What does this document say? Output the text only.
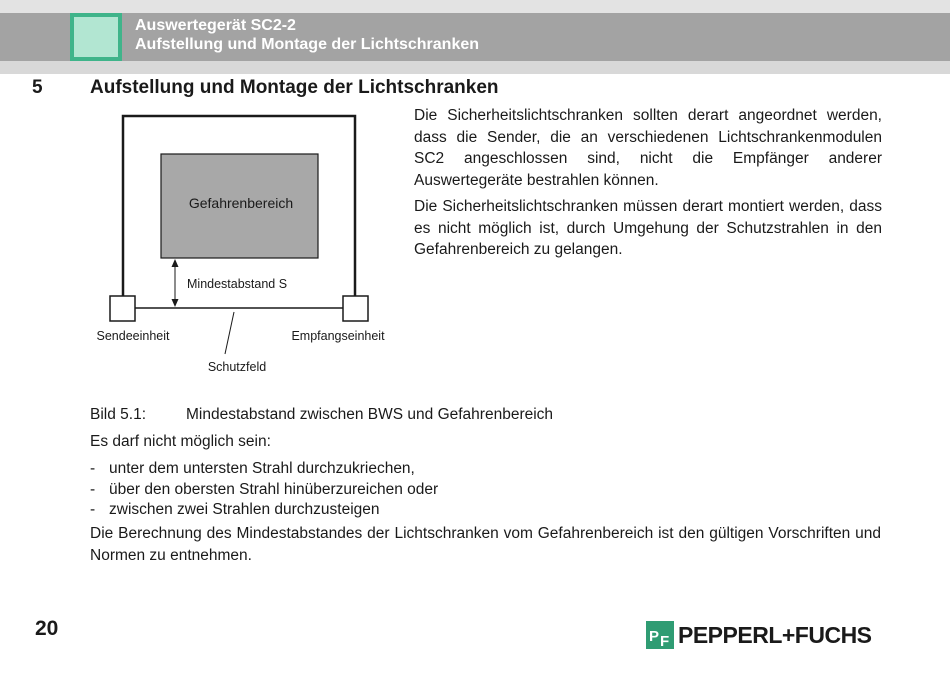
Auswertegerät SC2-2
Aufstellung und Montage der Lichtschranken
5 Aufstellung und Montage der Lichtschranken

Die Sicherheitslichtschranken sollten derart angeordnet werden, dass die Sender, die an verschiedenen Lichtschrankenmodulen SC2 angeschlossen sind, nicht die Empfänger anderer Auswertegeräte bestrahlen können.

Die Sicherheitslichtschranken müssen derart montiert werden, dass es nicht möglich ist, durch Umgehung der Schutzstrahlen in den Gefahrenbereich zu gelangen.

Gefahrenbereich
Mindestabstand S
Sendeeinheit	Empfangseinheit
Schutzfeld
Bild 5.1:	Mindestabstand zwischen BWS und Gefahrenbereich

Es darf nicht möglich sein:

- unter dem untersten Strahl durchzukriechen,
- über den obersten Strahl hinüberzureichen oder
- zwischen zwei Strahlen durchzusteigen

Die Berechnung des Mindestabstandes der Lichtschranken vom Gefahrenbereich ist den gültigen Vorschriften und Normen zu entnehmen.

20	P F PEPPERL+FUCHS
